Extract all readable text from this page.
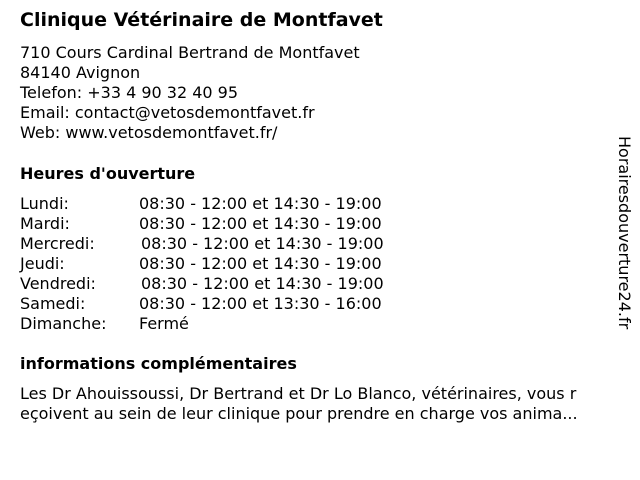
Clinique Vétérinaire de Montfavet
710 Cours Cardinal Bertrand de Montfavet
84140 Avignon
Telefon: +33 4 90 32 40 95
Email: contact@vetosdemontfavet.fr
Web: www.vetosdemontfavet.fr/
Heures d'ouverture
Lundi:	08:30 - 12:00 et 14:30 - 19:00
Mardi:	08:30 - 12:00 et 14:30 - 19:00
Mercredi:	08:30 - 12:00 et 14:30 - 19:00
Jeudi:	08:30 - 12:00 et 14:30 - 19:00
Vendredi:	08:30 - 12:00 et 14:30 - 19:00
Samedi:	08:30 - 12:00 et 13:30 - 16:00
Dimanche: Fermé
informations complémentaires
Les Dr Ahouissoussi, Dr Bertrand et Dr Lo Blanco, vétérinaires, vous r
eçoivent au sein de leur clinique pour prendre en charge vos anima...
Horairesdouverture24.fr
